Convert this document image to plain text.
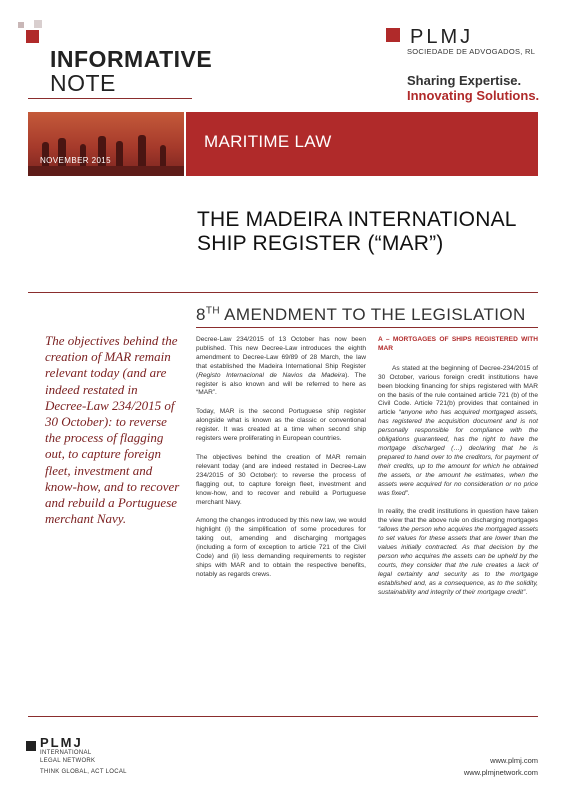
INFORMATIVE
NOTE
PLMJ
SOCIEDADE DE ADVOGADOS, RL
Sharing Expertise.
Innovating Solutions.
NOVEMBER 2015
MARITIME LAW
THE MADEIRA INTERNATIONAL
SHIP REGISTER (“MAR”)
8TH AMENDMENT TO THE LEGISLATION
The objectives behind the creation of MAR remain relevant today (and are indeed restated in Decree-Law 234/2015 of 30 October): to reverse the process of flagging out, to capture foreign fleet, investment and know-how, and to recover and rebuild a Portuguese merchant Navy.

Decree-Law 234/2015 of 13 October has now been published. This new Decree-Law introduces the eighth amendment to Decree-Law 69/89 of 28 March, the law that established the Madeira International Ship Register (Registo Internacional de Navios da Madeira). The register is also known and will be referred to here as “MAR”.

Today, MAR is the second Portuguese ship register alongside what is known as the classic or conventional register. It was created at a time when second ship registers were proliferating in European countries.

The objectives behind the creation of MAR remain relevant today (and are indeed restated in Decree-Law 234/2015 of 30 October): to reverse the process of flagging out, to capture foreign fleet, investment and know-how, and to recover and rebuild a Portuguese merchant Navy.

Among the changes introduced by this new law, we would highlight (i) the simplification of some procedures for taking out, amending and discharging mortgages (including a form of exception to article 721 of the Civil Code) and (ii) less demanding requirements to register ships with MAR and to obtain the respective benefits, notably as regards crews.

A – MORTGAGES OF SHIPS REGISTERED WITH MAR

As stated at the beginning of Decree-234/2015 of 30 October, various foreign credit institutions have been blocking financing for ships registered with MAR on the basis of the rule contained article 721 (b) of the Civil Code. Article 721(b) provides that contained in article “anyone who has acquired mortgaged assets, has registered the acquisition document and is not personally responsible for compliance with the obligations guaranteed, has the right to have the mortgage discharged (…) declaring that he is prepared to hand over to the creditors, for payment of their credits, up to the amount for which he obtained the assets, or the amount he estimates, when the assets were acquired for no consideration or no price was fixed”.

In reality, the credit institutions in question have taken the view that the above rule on discharging mortgages “allows the person who acquires the mortgaged assets to set values for these assets that are lower than the values initially contracted. As that decision by the person who acquires the assets can be upheld by the courts, they consider that the rule creates a lack of legal certainty and security as to the mortgage established and, as a consequence, as to the solidity, sustainability and integrity of their mortgage credit”.

PLMJ
INTERNATIONAL
LEGAL NETWORK
THINK GLOBAL, ACT LOCAL
www.plmj.com
www.plmjnetwork.com
